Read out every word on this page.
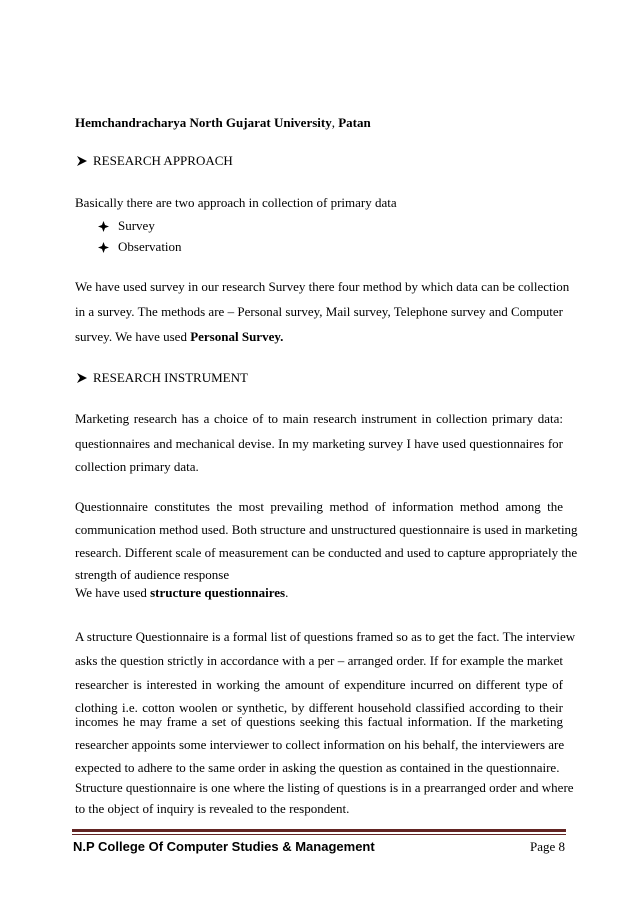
Hemchandracharya North Gujarat University, Patan
RESEARCH APPROACH
Basically there are two approach in collection of primary data
Survey
Observation
We have used survey in our research Survey there four method by which data can be collection
in a survey. The methods are – Personal survey, Mail survey, Telephone survey and Computer
survey. We have used Personal Survey.
RESEARCH INSTRUMENT
Marketing research has a choice of to main research instrument in collection primary data:
questionnaires and mechanical devise. In my marketing survey I have used questionnaires for
collection primary data.
Questionnaire constitutes the most prevailing method of information method among the
communication method used. Both structure and unstructured questionnaire is used in marketing
research. Different scale of measurement can be conducted and used to capture appropriately the
strength of audience response
We have used structure questionnaires.
A structure Questionnaire is a formal list of questions framed so as to get the fact. The interview
asks the question strictly in accordance with a per – arranged order. If for example the market
researcher is interested in working the amount of expenditure incurred on different type of
clothing i.e. cotton woolen or synthetic, by different household classified according to their
incomes he may frame a set of questions seeking this factual information. If the marketing
researcher appoints some interviewer to collect information on his behalf, the interviewers are
expected to adhere to the same order in asking the question as contained in the questionnaire.
Structure questionnaire is one where the listing of questions is in a prearranged order and where
to the object of inquiry is revealed to the respondent.
N.P College Of Computer Studies & Management	Page 8
